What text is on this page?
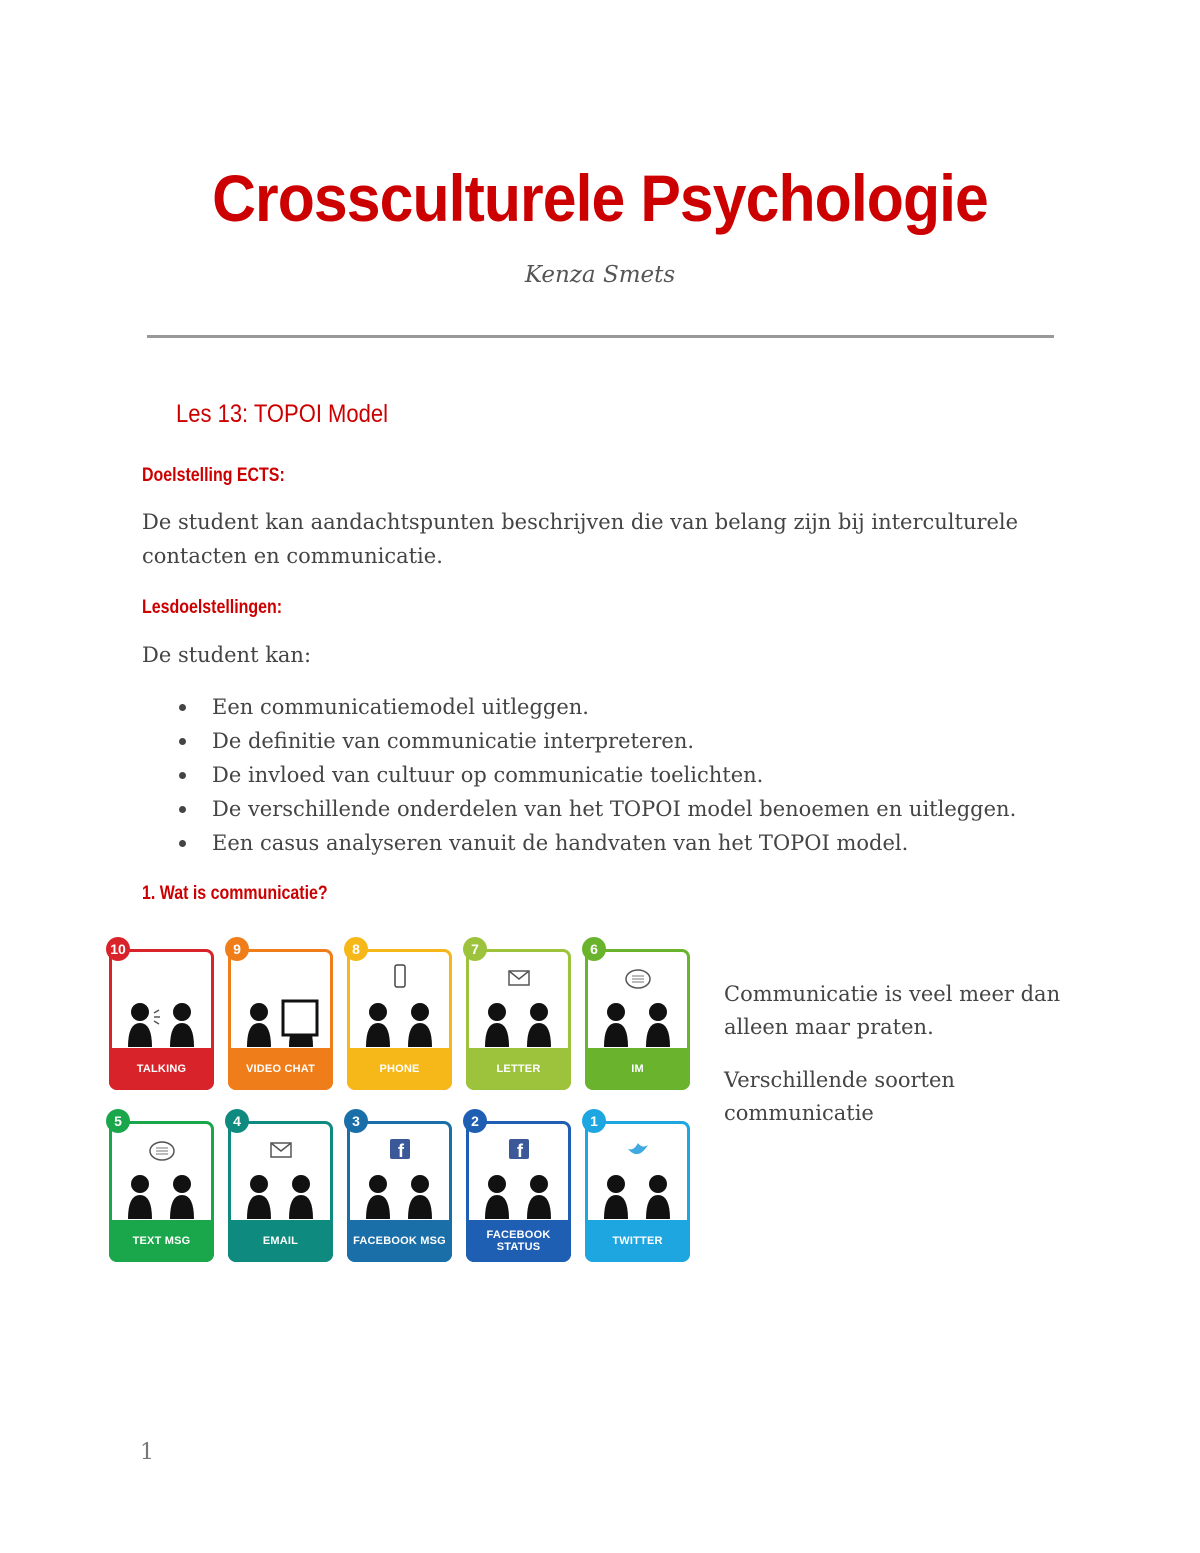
Crossculturele Psychologie
Kenza Smets
Les 13: TOPOI Model
Doelstelling ECTS:
De student kan aandachtspunten beschrijven die van belang zijn bij interculturele
contacten en communicatie.
Lesdoelstellingen:
De student kan:
Een communicatiemodel uitleggen.
De definitie van communicatie interpreteren.
De invloed van cultuur op communicatie toelichten.
De verschillende onderdelen van het TOPOI model benoemen en uitleggen.
Een casus analyseren vanuit de handvaten van het TOPOI model.
1. Wat is communicatie?
TALKING
10
VIDEO CHAT
9
PHONE
8
LETTER
7
IM
6
TEXT MSG
5
EMAIL
4
f
FACEBOOK MSG
3
f
FACEBOOK STATUS
2
TWITTER
1

Communicatie is veel meer dan alleen maar praten.

Verschillende soorten communicatie

1
